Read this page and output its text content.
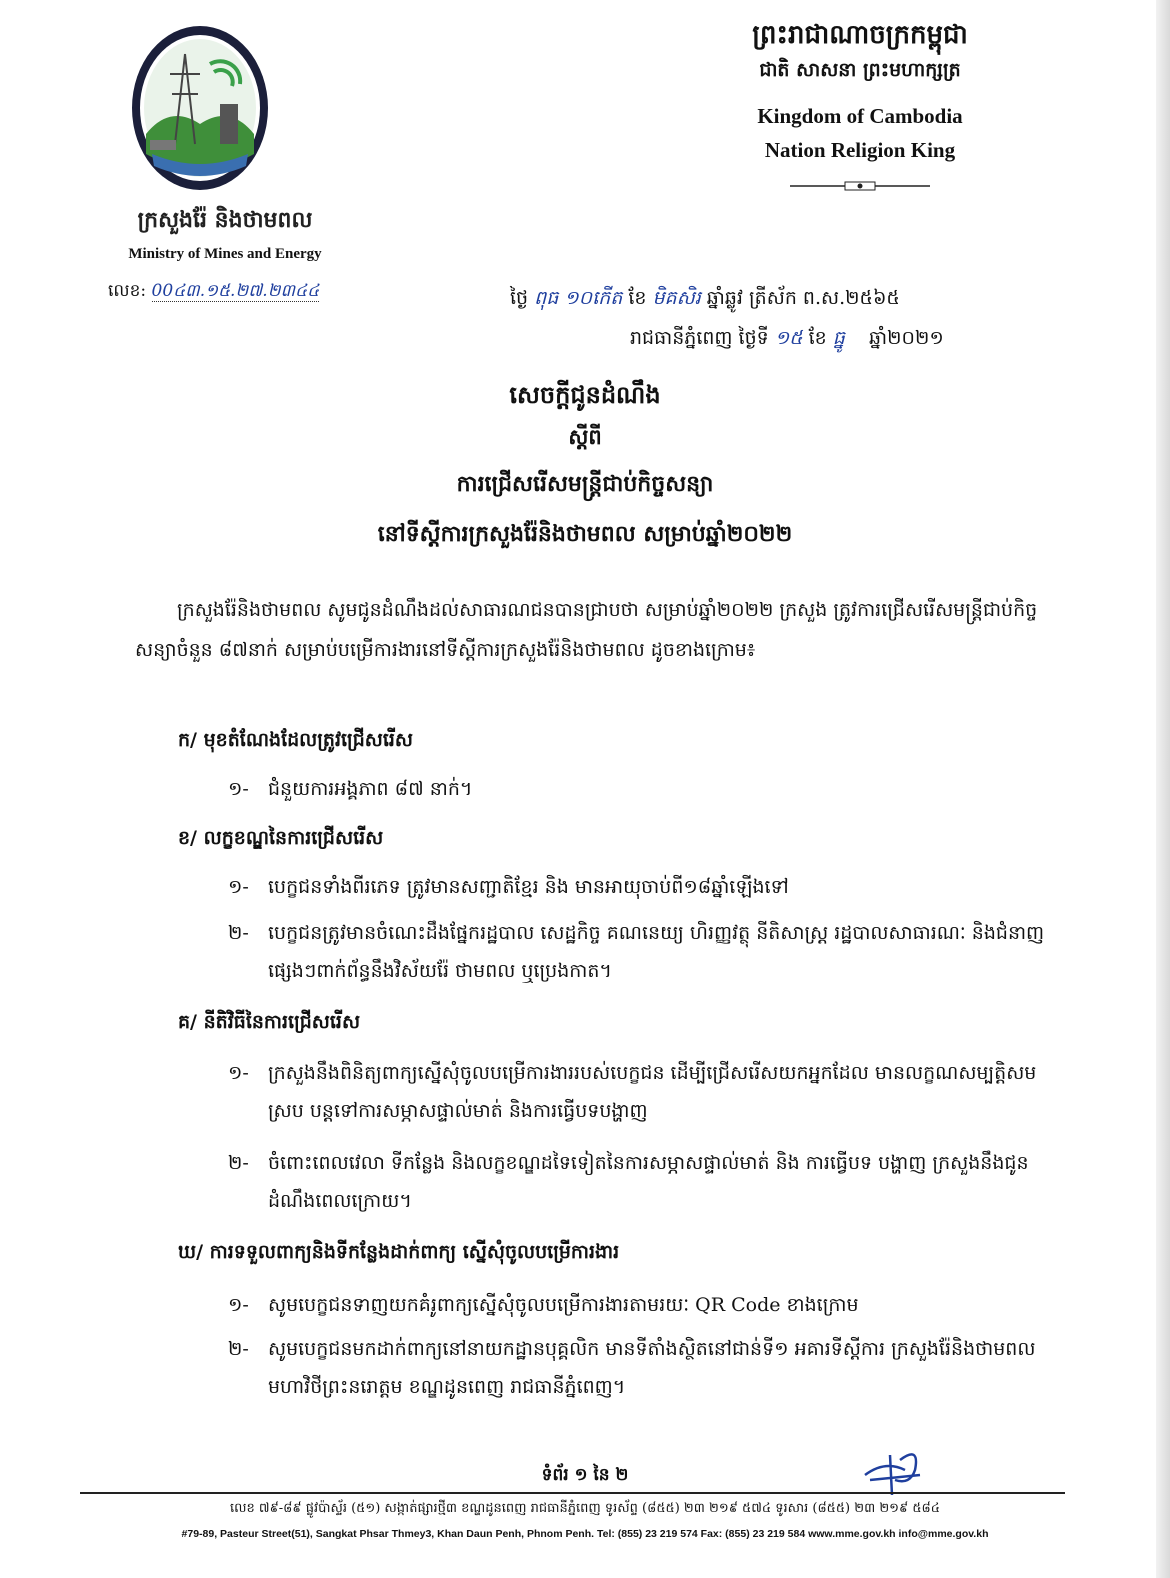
ក្រសួងរ៉ែ និងថាមពល
Ministry of Mines and Energy
លេខ: 00៤៣.១៥.២៧.២៣៤៤
ព្រះរាជាណាចក្រកម្ពុជា
ជាតិ សាសនា ព្រះមហាក្សត្រ
Kingdom of Cambodia
Nation Religion King
ថ្ងៃ ពុធ ១០កើត ខែ មិគសិរ ឆ្នាំឆ្លូវ ត្រីស័ក ព.ស.២៥៦៥
រាជធានីភ្នំពេញ ថ្ងៃទី ១៥ ខែ ធ្នូ ឆ្នាំ២០២១
សេចក្តីជូនដំណឹង
ស្តីពី
ការជ្រើសរើសមន្ត្រីជាប់កិច្ចសន្យា
នៅទីស្តីការក្រសួងរ៉ែនិងថាមពល សម្រាប់ឆ្នាំ២០២២
ក្រសួងរ៉ែនិងថាមពល សូមជូនដំណឹងដល់សាធារណជនបានជ្រាបថា សម្រាប់ឆ្នាំ២០២២ ក្រសួង ត្រូវការជ្រើសរើសមន្ត្រីជាប់កិច្ចសន្យាចំនួន ៨៧នាក់ សម្រាប់បម្រើការងារនៅទីស្តីការក្រសួងរ៉ែនិងថាមពល ដូចខាងក្រោម៖
ក/ មុខតំណែងដែលត្រូវជ្រើសរើស
១- ជំនួយការអង្គភាព ៨៧ នាក់។
ខ/ លក្ខខណ្ឌនៃការជ្រើសរើស
១- បេក្ខជនទាំងពីរភេទ ត្រូវមានសញ្ជាតិខ្មែរ និង មានអាយុចាប់ពី១៨ឆ្នាំឡើងទៅ
២- បេក្ខជនត្រូវមានចំណេះដឹងផ្នែករដ្ឋបាល សេដ្ឋកិច្ច គណនេយ្យ ហិរញ្ញវត្ថុ នីតិសាស្ត្រ រដ្ឋបាលសាធារណៈ និងជំនាញផ្សេងៗពាក់ព័ន្ធនឹងវិស័យរ៉ែ ថាមពល ឬប្រេងកាត។
គ/ នីតិវិធីនៃការជ្រើសរើស
១- ក្រសួងនឹងពិនិត្យពាក្យស្នើសុំចូលបម្រើការងាររបស់បេក្ខជន ដើម្បីជ្រើសរើសយកអ្នកដែល មានលក្ខណសម្បត្តិសមស្រប បន្តទៅការសម្ភាសផ្ទាល់មាត់ និងការធ្វើបទបង្ហាញ
២- ចំពោះពេលវេលា ទីកន្លែង និងលក្ខខណ្ឌដទៃទៀតនៃការសម្ភាសផ្ទាល់មាត់ និង ការធ្វើបទ បង្ហាញ ក្រសួងនឹងជូនដំណឹងពេលក្រោយ។
ឃ/ ការទទួលពាក្យនិងទីកន្លែងដាក់ពាក្យ ស្នើសុំចូលបម្រើការងារ
១- សូមបេក្ខជនទាញយកគំរូពាក្យស្នើសុំចូលបម្រើការងារតាមរយៈ QR Code ខាងក្រោម
២- សូមបេក្ខជនមកដាក់ពាក្យនៅនាយកដ្ឋានបុគ្គលិក មានទីតាំងស្ថិតនៅជាន់ទី១ អគារទីស្តីការ ក្រសួងរ៉ែនិងថាមពល មហាវិថីព្រះនរោត្តម ខណ្ឌដូនពេញ រាជធានីភ្នំពេញ។
ទំព័រ ១ នៃ ២
លេខ ៧៩-៨៩ ផ្លូវប៉ាស្ទ័រ (៥១) សង្កាត់ផ្សារថ្មី៣ ខណ្ឌដូនពេញ រាជធានីភ្នំពេញ ទូរស័ព្ទ (៨៥៥) ២៣ ២១៩ ៥៧៤ ទូរសារ (៨៥៥) ២៣ ២១៩ ៥៨៤
#79-89, Pasteur Street(51), Sangkat Phsar Thmey3, Khan Daun Penh, Phnom Penh. Tel: (855) 23 219 574 Fax: (855) 23 219 584 www.mme.gov.kh info@mme.gov.kh
